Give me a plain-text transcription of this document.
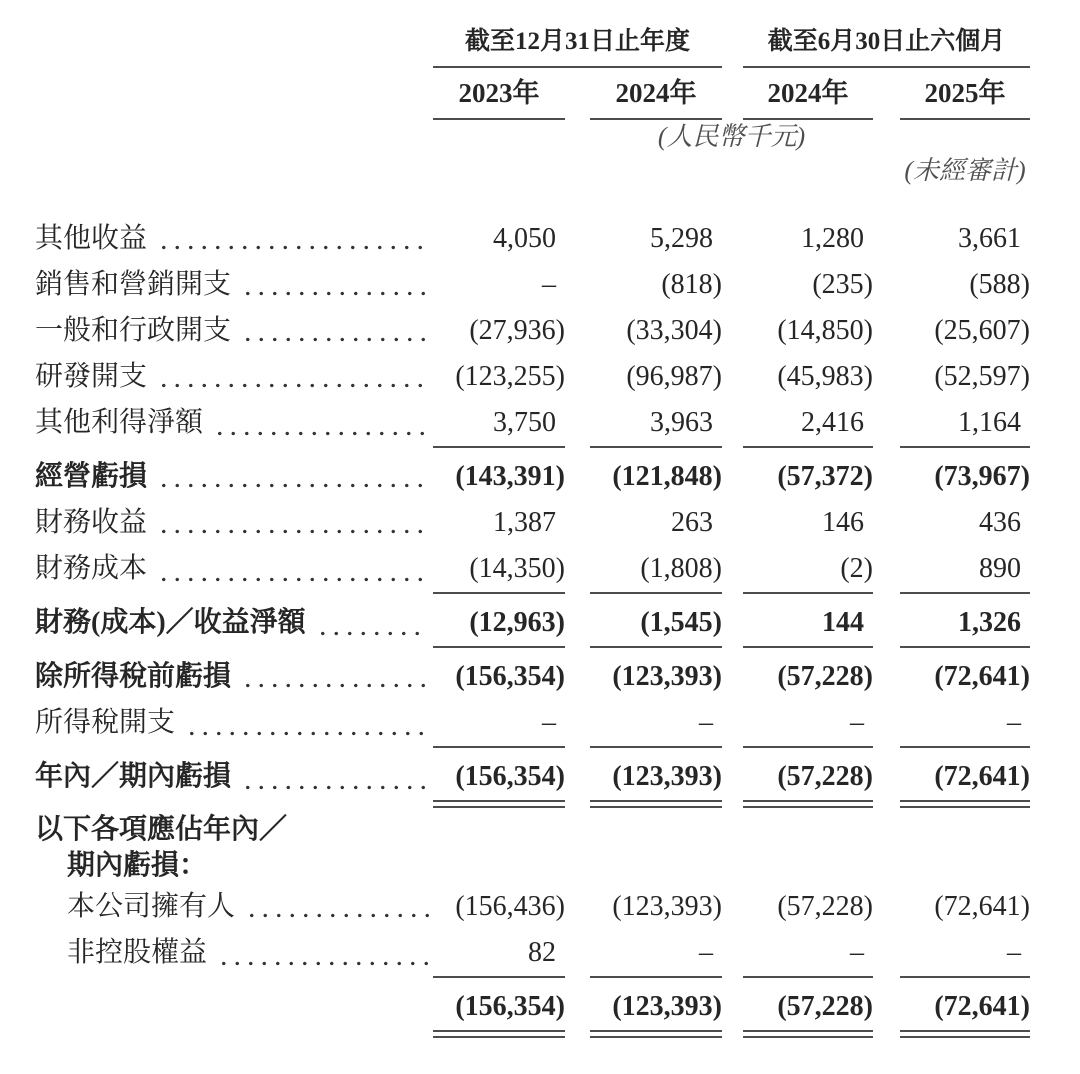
截至12月31日止年度	截至6月30日止六個月
2023年	2024年	2024年	2025年
(人民幣千元)
(未經審計)
其他收益	4,050	5,298	1,280	3,661
銷售和營銷開支	–	(818)	(235)	(588)
一般和行政開支	(27,936)	(33,304)	(14,850)	(25,607)
研發開支	(123,255)	(96,987)	(45,983)	(52,597)
其他利得淨額	3,750	3,963	2,416	1,164
經營虧損	(143,391)	(121,848)	(57,372)	(73,967)
財務收益	1,387	263	146	436
財務成本	(14,350)	(1,808)	(2)	890
財務(成本)／收益淨額	(12,963)	(1,545)	144	1,326
除所得稅前虧損	(156,354)	(123,393)	(57,228)	(72,641)
所得稅開支	–	–	–	–
年內／期內虧損	(156,354)	(123,393)	(57,228)	(72,641)
以下各項應佔年內／
期內虧損：
本公司擁有人	(156,436)	(123,393)	(57,228)	(72,641)
非控股權益	82	–	–	–
(156,354)	(123,393)	(57,228)	(72,641)
